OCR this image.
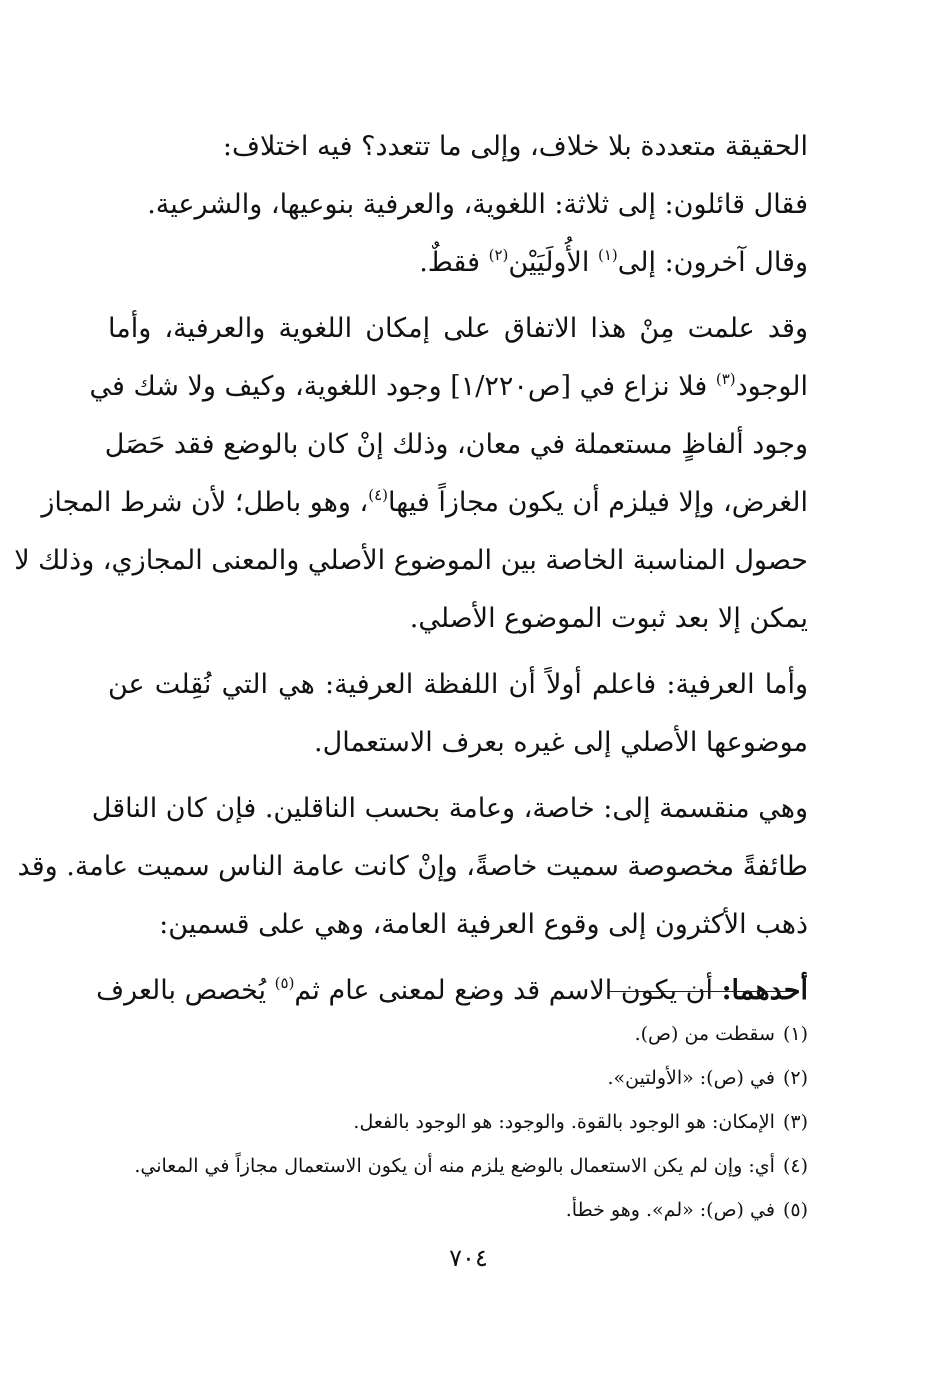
الحقيقة متعددة بلا خلاف، وإلى ما تتعدد؟ فيه اختلاف:
فقال قائلون: إلى ثلاثة: اللغوية، والعرفية بنوعيها، والشرعية.
وقال آخرون: إلى$^{(١)}$ الأُولَيَيْن$^{(٢)}$ فقطٌ.
وقد علمت مِنْ هذا الاتفاق على إمكان اللغوية والعرفية، وأما
الوجود$^{(٣)}$ فلا نزاع في [ص١/٢٢٠] وجود اللغوية، وكيف ولا شك في
وجود ألفاظٍ مستعملة في معان، وذلك إنْ كان بالوضع فقد حَصَل
الغرض، وإلا فيلزم أن يكون مجازاً فيها$^{(٤)}$، وهو باطل؛ لأن شرط المجاز
حصول المناسبة الخاصة بين الموضوع الأصلي والمعنى المجازي، وذلك لا
يمكن إلا بعد ثبوت الموضوع الأصلي.
وأما العرفية: فاعلم أولاً أن اللفظة العرفية: هي التي نُقِلت عن
موضوعها الأصلي إلى غيره بعرف الاستعمال.
وهي منقسمة إلى: خاصة، وعامة بحسب الناقلين. فإن كان الناقل
طائفةً مخصوصة سميت خاصةً، وإنْ كانت عامة الناس سميت عامة. وقد
ذهب الأكثرون إلى وقوع العرفية العامة، وهي على قسمين:
أحدهما: أن يكون الاسم قد وضع لمعنى عام ثم$^{(٥)}$ يُخصص بالعرف
(١)سقطت من (ص).
(٢)في (ص): «الأولتين».
(٣)الإمكان: هو الوجود بالقوة. والوجود: هو الوجود بالفعل.
(٤)أي: وإن لم يكن الاستعمال بالوضع يلزم منه أن يكون الاستعمال مجازاً في المعاني.
(٥)في (ص): «لم». وهو خطأ.
٧٠٤
